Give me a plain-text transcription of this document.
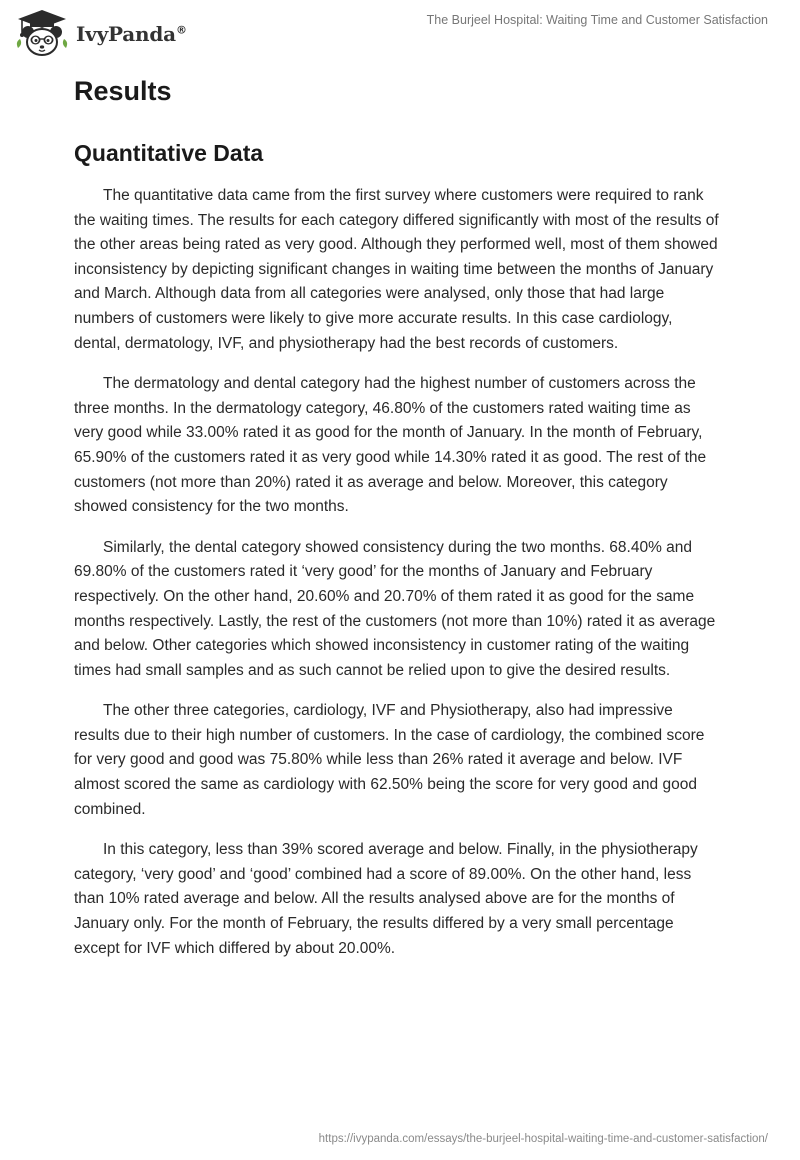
IvyPanda®
The Burjeel Hospital: Waiting Time and Customer Satisfaction
Results
Quantitative Data

The quantitative data came from the first survey where customers were required to rank the waiting times. The results for each category differed significantly with most of the results of the other areas being rated as very good. Although they performed well, most of them showed inconsistency by depicting significant changes in waiting time between the months of January and March. Although data from all categories were analysed, only those that had large numbers of customers were likely to give more accurate results. In this case cardiology, dental, dermatology, IVF, and physiotherapy had the best records of customers.

The dermatology and dental category had the highest number of customers across the three months. In the dermatology category, 46.80% of the customers rated waiting time as very good while 33.00% rated it as good for the month of January. In the month of February, 65.90% of the customers rated it as very good while 14.30% rated it as good. The rest of the customers (not more than 20%) rated it as average and below. Moreover, this category showed consistency for the two months.

Similarly, the dental category showed consistency during the two months. 68.40% and 69.80% of the customers rated it ‘very good’ for the months of January and February respectively. On the other hand, 20.60% and 20.70% of them rated it as good for the same months respectively. Lastly, the rest of the customers (not more than 10%) rated it as average and below. Other categories which showed inconsistency in customer rating of the waiting times had small samples and as such cannot be relied upon to give the desired results.

The other three categories, cardiology, IVF and Physiotherapy, also had impressive results due to their high number of customers. In the case of cardiology, the combined score for very good and good was 75.80% while less than 26% rated it average and below. IVF almost scored the same as cardiology with 62.50% being the score for very good and good combined.

In this category, less than 39% scored average and below. Finally, in the physiotherapy category, ‘very good’ and ‘good’ combined had a score of 89.00%. On the other hand, less than 10% rated average and below. All the results analysed above are for the months of January only. For the month of February, the results differed by a very small percentage except for IVF which differed by about 20.00%.

https://ivypanda.com/essays/the-burjeel-hospital-waiting-time-and-customer-satisfaction/
